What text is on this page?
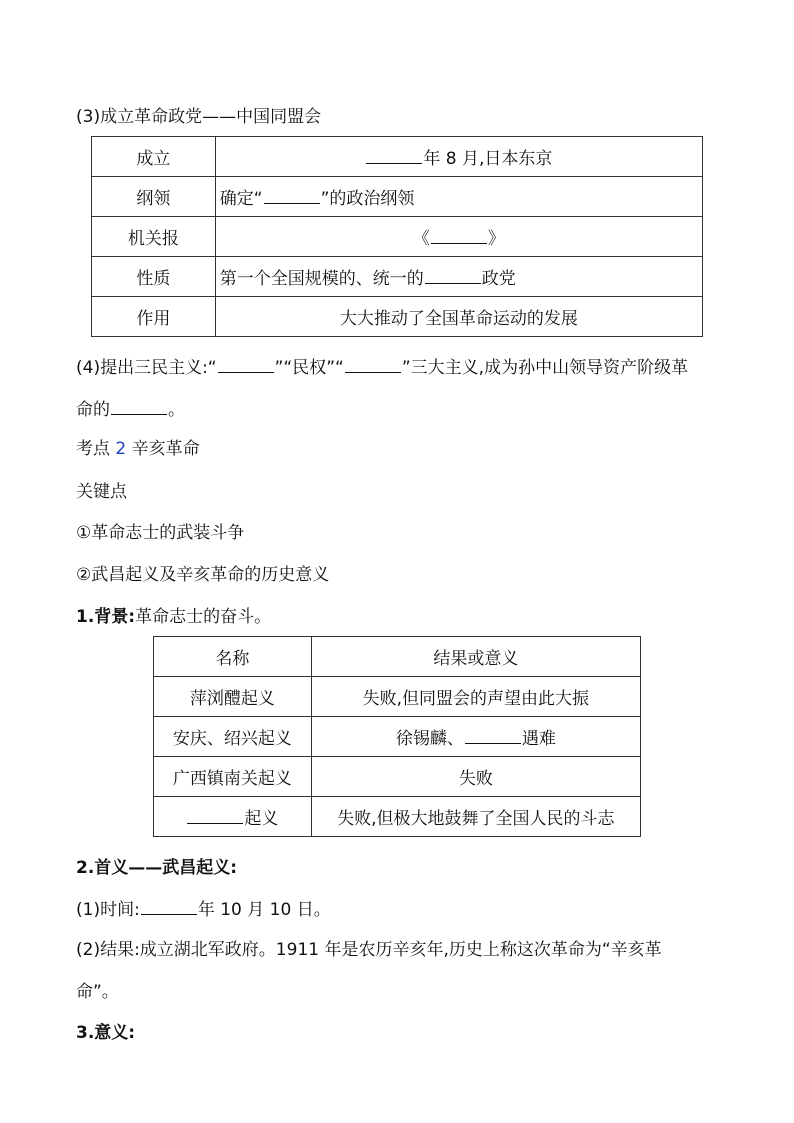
(3)成立革命政党——中国同盟会
成立	年 8 月,日本东京
纲领	确定“ ”的政治纲领
机关报	《 》
性质	第一个全国规模的、统一的 政党
作用	大大推动了全国革命运动的发展
(4)提出三民主义:“	”“民权”“	”三大主义,成为孙中山领导资产阶级革
命的	。
考点 2 辛亥革命
关键点
①革命志士的武装斗争
②武昌起义及辛亥革命的历史意义
1.背景:革命志士的奋斗。
名称	结果或意义
萍浏醴起义	失败,但同盟会的声望由此大振
安庆、绍兴起义	徐锡麟、 遇难
广西镇南关起义	失败
起义	失败,但极大地鼓舞了全国人民的斗志
2.首义——武昌起义:
(1)时间:	年 10 月 10 日。
(2)结果:成立湖北军政府。1911 年是农历辛亥年,历史上称这次革命为“辛亥革
命”。
3.意义:
